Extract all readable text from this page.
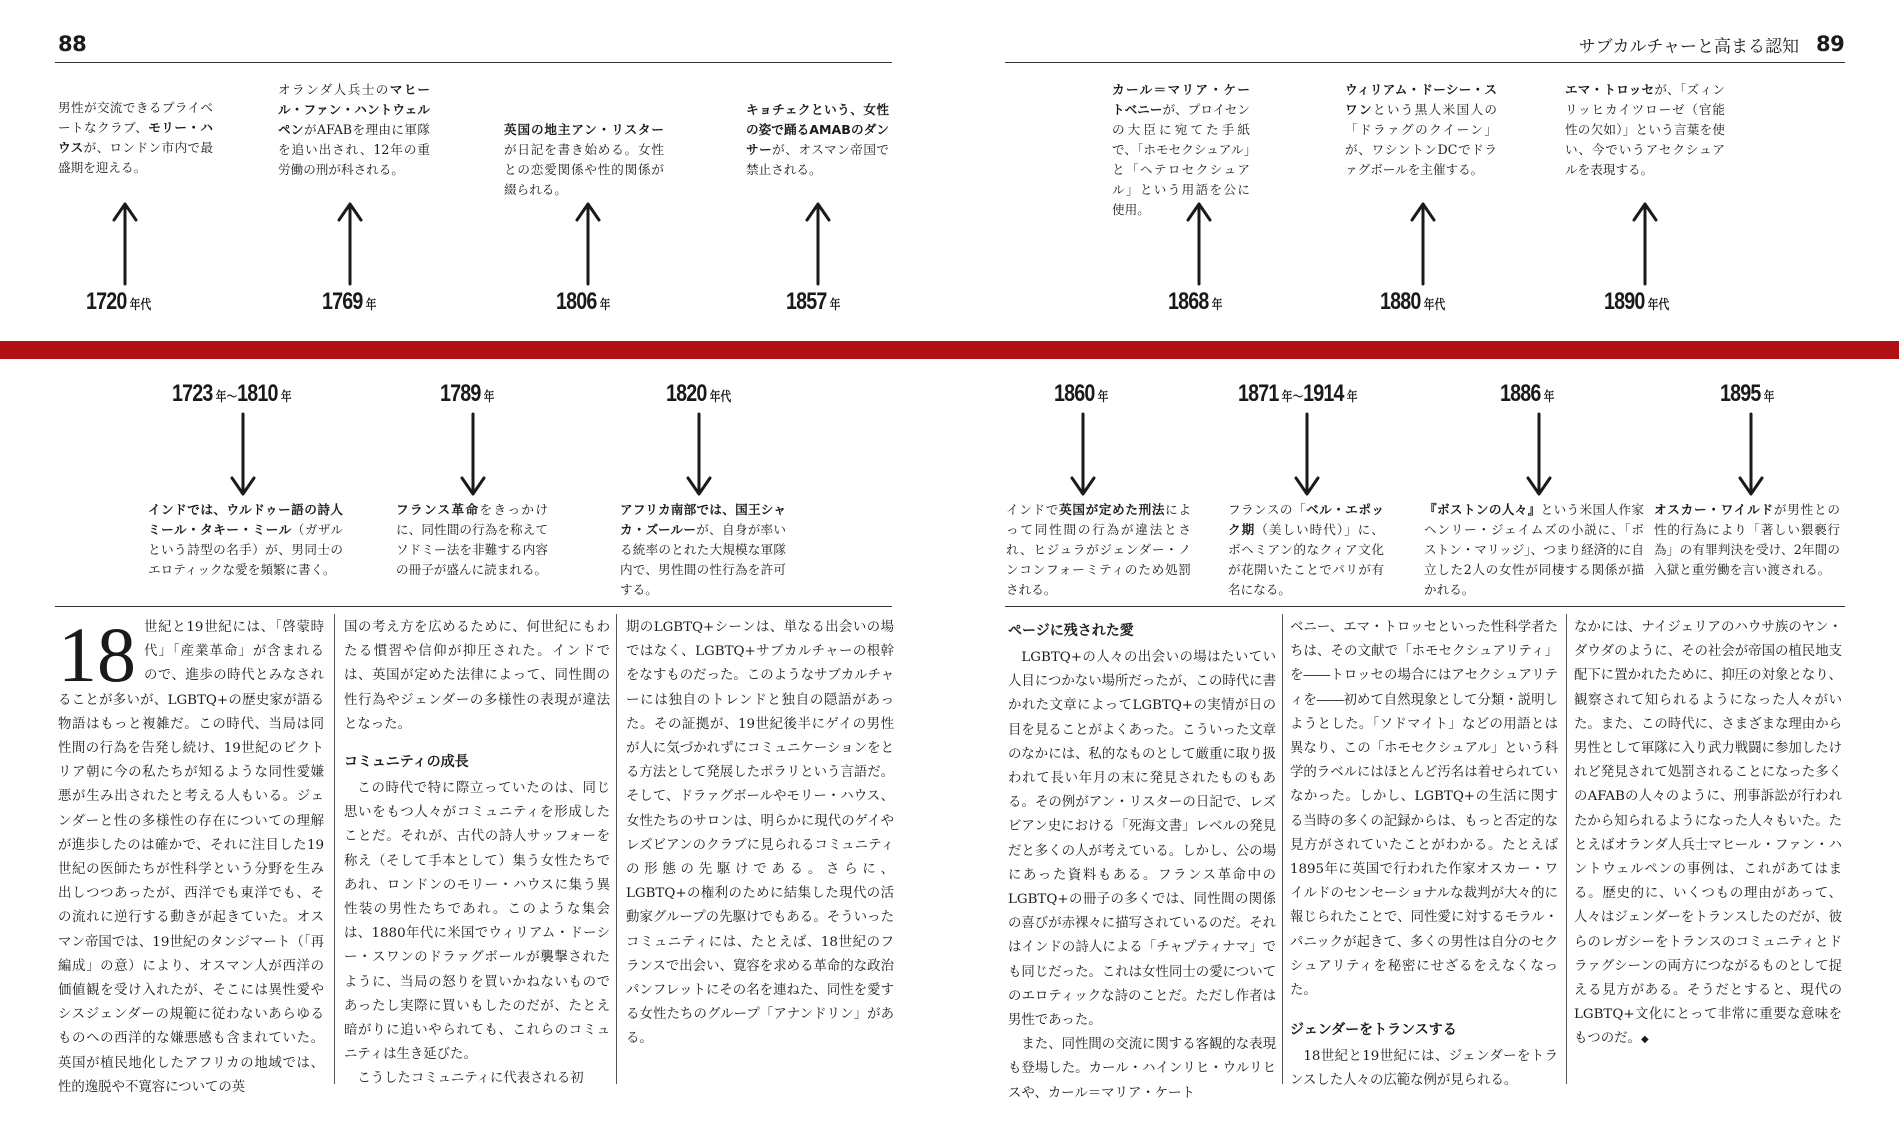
88	サブカルチャーと高まる認知 89
男性が交流できるプライベートなクラブ、モリー・ハウスが、ロンドン市内で最盛期を迎える。
オランダ人兵士のマヒール・ファン・ハントウェルペンがAFABを理由に軍隊を追い出され、12年の重労働の刑が科される。
英国の地主アン・リスターが日記を書き始める。女性との恋愛関係や性的関係が綴られる。
キョチェクという、女性の姿で踊るAMABのダンサーが、オスマン帝国で禁止される。
カール＝マリア・ケートベニーが、プロイセンの大臣に宛てた手紙で、「ホモセクシュアル」と「ヘテロセクシュアル」という用語を公に使用。
ウィリアム・ドーシー・スワンという黒人米国人の「ドラァグのクイーン」が、ワシントンDCでドラァグボールを主催する。
エマ・トロッセが、「ズィンリッヒカイツローゼ（官能性の欠如）」という言葉を使い、今でいうアセクシュアルを表現する。
1720 年代	1769 年	1806 年	1857 年	1868 年	1880 年代	1890 年代
1723 年～1810 年	1789 年	1820 年代	1860 年	1871 年～1914 年	1886 年	1895 年
インドでは、ウルドゥー語の詩人ミール・タキー・ミール（ガザルという詩型の名手）が、男同士のエロティックな愛を頻繁に書く。
フランス革命をきっかけに、同性間の行為を称えてソドミー法を非難する内容の冊子が盛んに読まれる。
アフリカ南部では、国王シャカ・ズールーが、自身が率いる統率のとれた大規模な軍隊内で、男性間の性行為を許可する。
インドで英国が定めた刑法によって同性間の行為が違法とされ、ヒジュラがジェンダー・ノンコンフォーミティのため処罰される。
フランスの「ベル・エポック期（美しい時代）」に、ボヘミアン的なクィア文化が花開いたことでパリが有名になる。
『ボストンの人々』という米国人作家ヘンリー・ジェイムズの小説に、「ボストン・マリッジ」、つまり経済的に自立した2人の女性が同棲する関係が描かれる。
オスカー・ワイルドが男性との性的行為により「著しい猥褻行為」の有罪判決を受け、2年間の入獄と重労働を言い渡される。

18 世紀と19世紀には、「啓蒙時代」「産業革命」が含まれるので、進歩の時代とみなされることが多いが、LGBTQ+の歴史家が語る物語はもっと複雑だ。この時代、当局は同性間の行為を告発し続け、19世紀のビクトリア朝に今の私たちが知るような同性愛嫌悪が生み出されたと考える人もいる。ジェンダーと性の多様性の存在についての理解が進歩したのは確かで、それに注目した19世紀の医師たちが性科学という分野を生み出しつつあったが、西洋でも東洋でも、その流れに逆行する動きが起きていた。オスマン帝国では、19世紀のタンジマート（「再編成」の意）により、オスマン人が西洋の価値観を受け入れたが、そこには異性愛やシスジェンダーの規範に従わないあらゆるものへの西洋的な嫌悪感も含まれていた。英国が植民地化したアフリカの地域では、性的逸脱や不寛容についての英

国の考え方を広めるために、何世紀にもわたる慣習や信仰が抑圧された。インドでは、英国が定めた法律によって、同性間の性行為やジェンダーの多様性の表現が違法となった。

コミュニティの成長

この時代で特に際立っていたのは、同じ思いをもつ人々がコミュニティを形成したことだ。それが、古代の詩人サッフォーを称え（そして手本として）集う女性たちであれ、ロンドンのモリー・ハウスに集う異性装の男性たちであれ。このような集会は、1880年代に米国でウィリアム・ドーシー・スワンのドラァグボールが襲撃されたように、当局の怒りを買いかねないものであったし実際に買いもしたのだが、たとえ暗がりに追いやられても、これらのコミュニティは生き延びた。

こうしたコミュニティに代表される初

期のLGBTQ+シーンは、単なる出会いの場ではなく、LGBTQ+サブカルチャーの根幹をなすものだった。このようなサブカルチャーには独自のトレンドと独自の隠語があった。その証拠が、19世紀後半にゲイの男性が人に気づかれずにコミュニケーションをとる方法として発展したポラリという言語だ。そして、ドラァグボールやモリー・ハウス、女性たちのサロンは、明らかに現代のゲイやレズビアンのクラブに見られるコミュニティの形態の先駆けである。さらに、LGBTQ+の権利のために結集した現代の活動家グループの先駆けでもある。そういったコミュニティには、たとえば、18世紀のフランスで出会い、寛容を求める革命的な政治パンフレットにその名を連ねた、同性を愛する女性たちのグループ「アナンドリン」がある。

ページに残された愛

LGBTQ+の人々の出会いの場はたいてい人目につかない場所だったが、この時代に書かれた文章によってLGBTQ+の実情が日の目を見ることがよくあった。こういった文章のなかには、私的なものとして厳重に取り扱われて長い年月の末に発見されたものもある。その例がアン・リスターの日記で、レズビアン史における「死海文書」レベルの発見だと多くの人が考えている。しかし、公の場にあった資料もある。フランス革命中のLGBTQ+の冊子の多くでは、同性間の関係の喜びが赤裸々に描写されているのだ。それはインドの詩人による「チャプティナマ」でも同じだった。これは女性同士の愛についてのエロティックな詩のことだ。ただし作者は男性であった。

また、同性間の交流に関する客観的な表現も登場した。カール・ハインリヒ・ウルリヒスや、カール＝マリア・ケート

ベニー、エマ・トロッセといった性科学者たちは、その文献で「ホモセクシュアリティ」を――トロッセの場合にはアセクシュアリティを――初めて自然現象として分類・説明しようとした。「ソドマイト」などの用語とは異なり、この「ホモセクシュアル」という科学的ラベルにはほとんど汚名は着せられていなかった。しかし、LGBTQ+の生活に関する当時の多くの記録からは、もっと否定的な見方がされていたことがわかる。たとえば1895年に英国で行われた作家オスカー・ワイルドのセンセーショナルな裁判が大々的に報じられたことで、同性愛に対するモラル・パニックが起きて、多くの男性は自分のセクシュアリティを秘密にせざるをえなくなった。

ジェンダーをトランスする

18世紀と19世紀には、ジェンダーをトランスした人々の広範な例が見られる。

なかには、ナイジェリアのハウサ族のヤン・ダウダのように、その社会が帝国の植民地支配下に置かれたために、抑圧の対象となり、観察されて知られるようになった人々がいた。また、この時代に、さまざまな理由から男性として軍隊に入り武力戦闘に参加したけれど発見されて処罰されることになった多くのAFABの人々のように、刑事訴訟が行われたから知られるようになった人々もいた。たとえばオランダ人兵士マヒール・ファン・ハントウェルペンの事例は、これがあてはまる。歴史的に、いくつもの理由があって、人々はジェンダーをトランスしたのだが、彼らのレガシーをトランスのコミュニティとドラァグシーンの両方につながるものとして捉える見方がある。そうだとすると、現代のLGBTQ+文化にとって非常に重要な意味をもつのだ。◆
